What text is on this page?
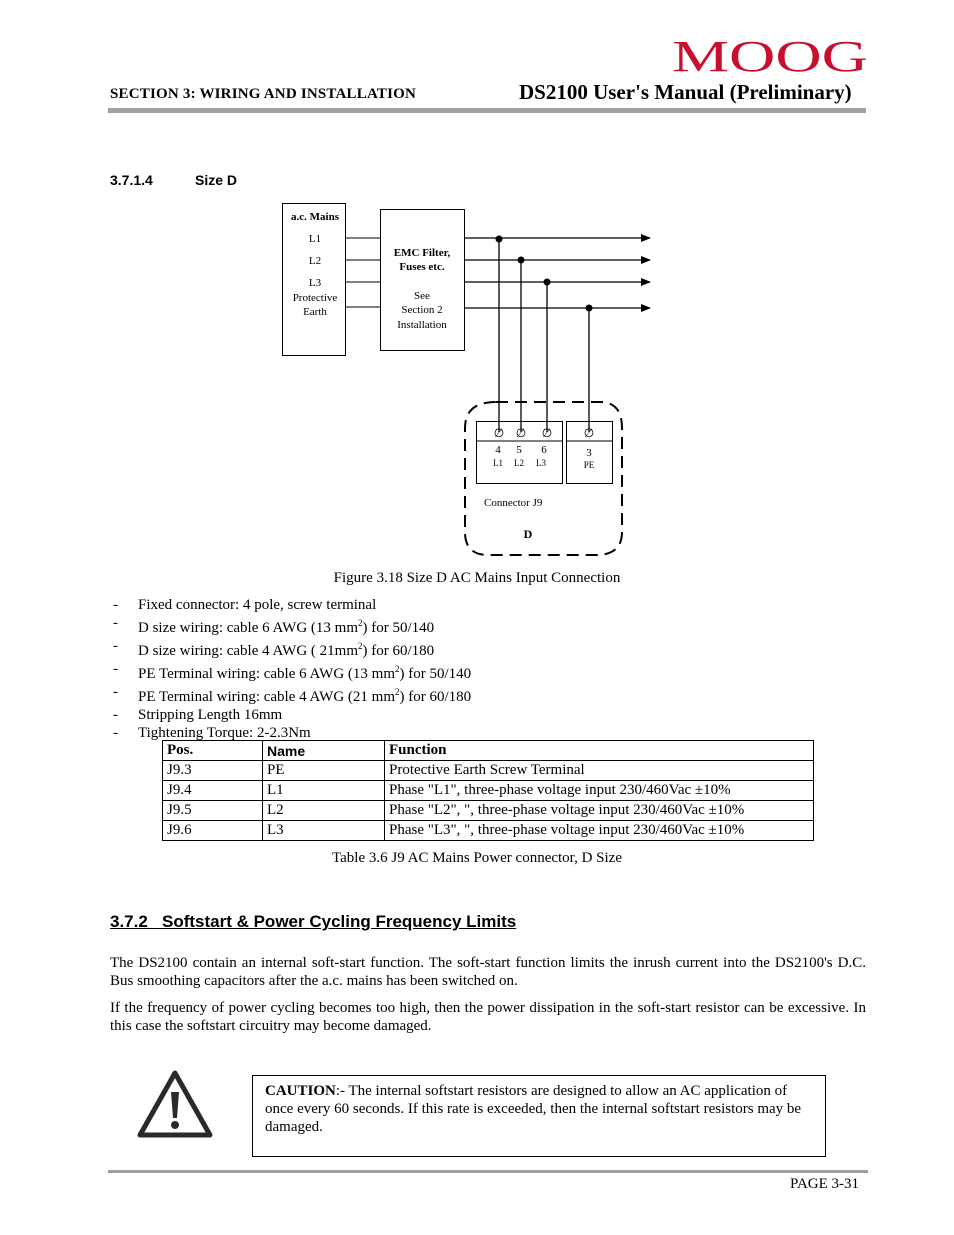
MOOG
SECTION 3: WIRING AND INSTALLATION	DS2100 User's Manual (Preliminary)
3.7.1.4	Size D
a.c. Mains
L1
L2
L3
Protective
Earth
EMC Filter,
Fuses etc.
See
Section 2
Installation
∅ ∅ ∅
4 5 6
L1 L2 L3
∅
3
PE
Connector J9
D
Figure 3.18 Size D AC Mains Input Connection
- Fixed connector: 4 pole, screw terminal
- D size wiring: cable 6 AWG (13 $mm^2$) for 50/140
- D size wiring: cable 4 AWG ( $21mm^2$) for 60/180
- PE Terminal wiring: cable 6 AWG (13 $mm^2$) for 50/140
- PE Terminal wiring: cable 4 AWG (21 $mm^2$) for 60/180
- Stripping Length 16mm
- Tightening Torque: 2-2.3Nm
Pos.	Name	Function
J9.3	PE	Protective Earth Screw Terminal
J9.4	L1	Phase "L1", three-phase voltage input 230/460Vac ±10%
J9.5	L2	Phase "L2", ", three-phase voltage input 230/460Vac ±10%
J9.6	L3	Phase "L3", ", three-phase voltage input 230/460Vac ±10%
Table 3.6 J9 AC Mains Power connector, D Size
3.7.2   Softstart & Power Cycling Frequency Limits
The DS2100 contain an internal soft-start function. The soft-start function limits the inrush current into the DS2100's D.C. Bus smoothing capacitors after the a.c. mains has been switched on.
If the frequency of power cycling becomes too high, then the power dissipation in the soft-start resistor can be excessive. In this case the softstart circuitry may become damaged.
CAUTION:- The internal softstart resistors are designed to allow an AC application of once every 60 seconds. If this rate is exceeded, then the internal softstart resistors may be damaged.
PAGE 3-31
